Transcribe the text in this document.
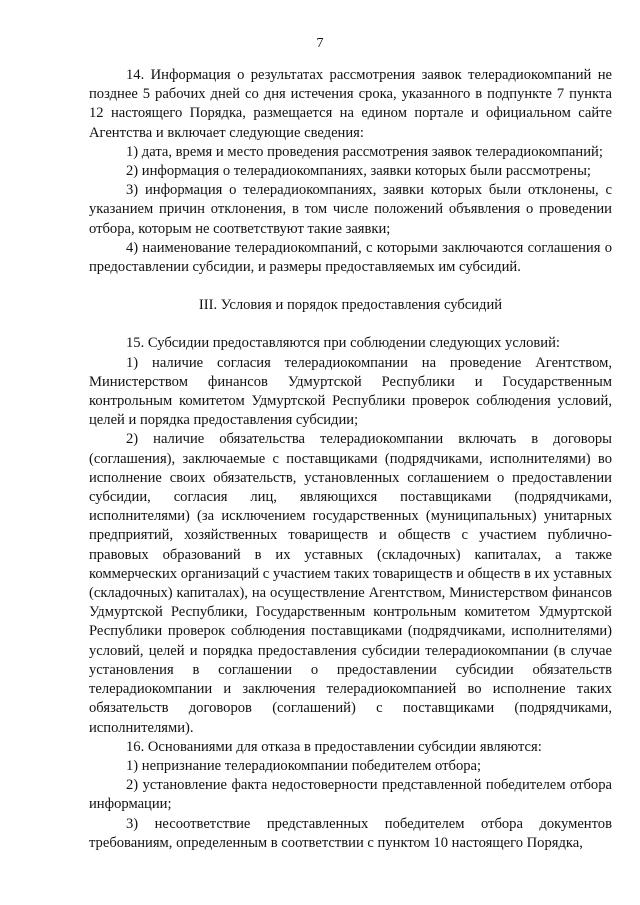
7

14. Информация о результатах рассмотрения заявок телерадиокомпаний не позднее 5 рабочих дней со дня истечения срока, указанного в подпункте 7 пункта 12 настоящего Порядка, размещается на едином портале и официальном сайте Агентства и включает следующие сведения:

1) дата, время и место проведения рассмотрения заявок телерадиокомпаний;

2) информация о телерадиокомпаниях, заявки которых были рассмотрены;

3) информация о телерадиокомпаниях, заявки которых были отклонены, с указанием причин отклонения, в том числе положений объявления о проведении отбора, которым не соответствуют такие заявки;

4) наименование телерадиокомпаний, с которыми заключаются соглашения о предоставлении субсидии, и размеры предоставляемых им субсидий.

III. Условия и порядок предоставления субсидий

15. Субсидии предоставляются при соблюдении следующих условий:

1) наличие согласия телерадиокомпании на проведение Агентством, Министерством финансов Удмуртской Республики и Государственным контрольным комитетом Удмуртской Республики проверок соблюдения условий, целей и порядка предоставления субсидии;

2) наличие обязательства телерадиокомпании включать в договоры (соглашения), заключаемые с поставщиками (подрядчиками, исполнителями) во исполнение своих обязательств, установленных соглашением о предоставлении субсидии, согласия лиц, являющихся поставщиками (подрядчиками, исполнителями) (за исключением государственных (муниципальных) унитарных предприятий, хозяйственных товариществ и обществ с участием публично-правовых образований в их уставных (складочных) капиталах, а также коммерческих организаций с участием таких товариществ и обществ в их уставных (складочных) капиталах), на осуществление Агентством, Министерством финансов Удмуртской Республики, Государственным контрольным комитетом Удмуртской Республики проверок соблюдения поставщиками (подрядчиками, исполнителями) условий, целей и порядка предоставления субсидии телерадиокомпании (в случае установления в соглашении о предоставлении субсидии обязательств телерадиокомпании и заключения телерадиокомпанией во исполнение таких обязательств договоров (соглашений) с поставщиками (подрядчиками, исполнителями).

16. Основаниями для отказа в предоставлении субсидии являются:

1) непризнание телерадиокомпании победителем отбора;

2) установление факта недостоверности представленной победителем отбора информации;

3) несоответствие представленных победителем отбора документов требованиям, определенным в соответствии с пунктом 10 настоящего Порядка,
